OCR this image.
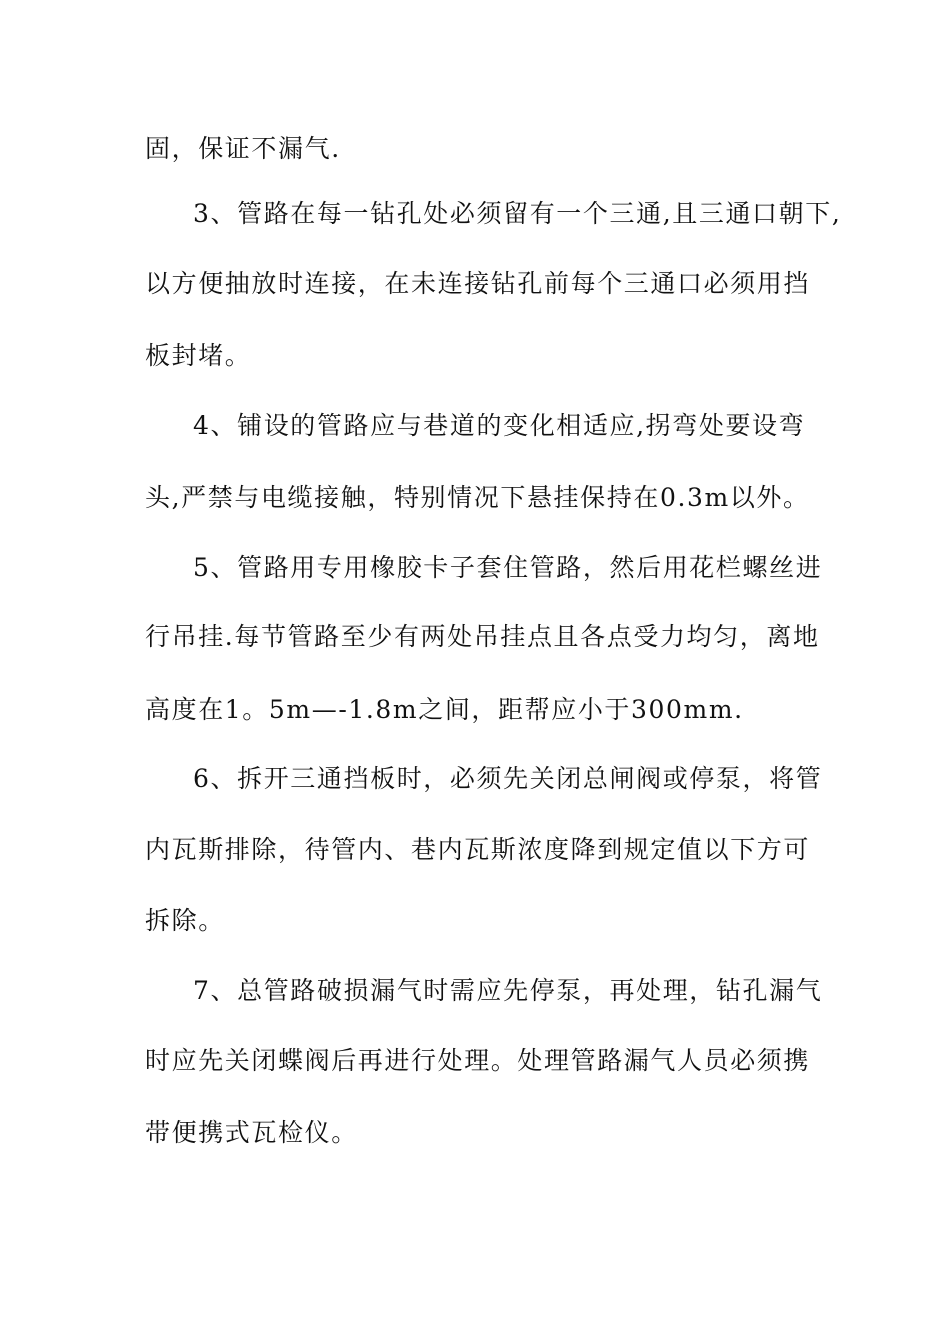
固，保证不漏气.
3、管路在每一钻孔处必须留有一个三通,且三通口朝下,
以方便抽放时连接，在未连接钻孔前每个三通口必须用挡
板封堵。
4、铺设的管路应与巷道的变化相适应,拐弯处要设弯
头,严禁与电缆接触，特别情况下悬挂保持在0.3m以外。
5、管路用专用橡胶卡子套住管路，然后用花栏螺丝进
行吊挂.每节管路至少有两处吊挂点且各点受力均匀，离地
高度在1。5m—-1.8m之间，距帮应小于300mm.
6、拆开三通挡板时，必须先关闭总闸阀或停泵，将管
内瓦斯排除，待管内、巷内瓦斯浓度降到规定值以下方可
拆除。
7、总管路破损漏气时需应先停泵，再处理，钻孔漏气
时应先关闭蝶阀后再进行处理。处理管路漏气人员必须携
带便携式瓦检仪。
